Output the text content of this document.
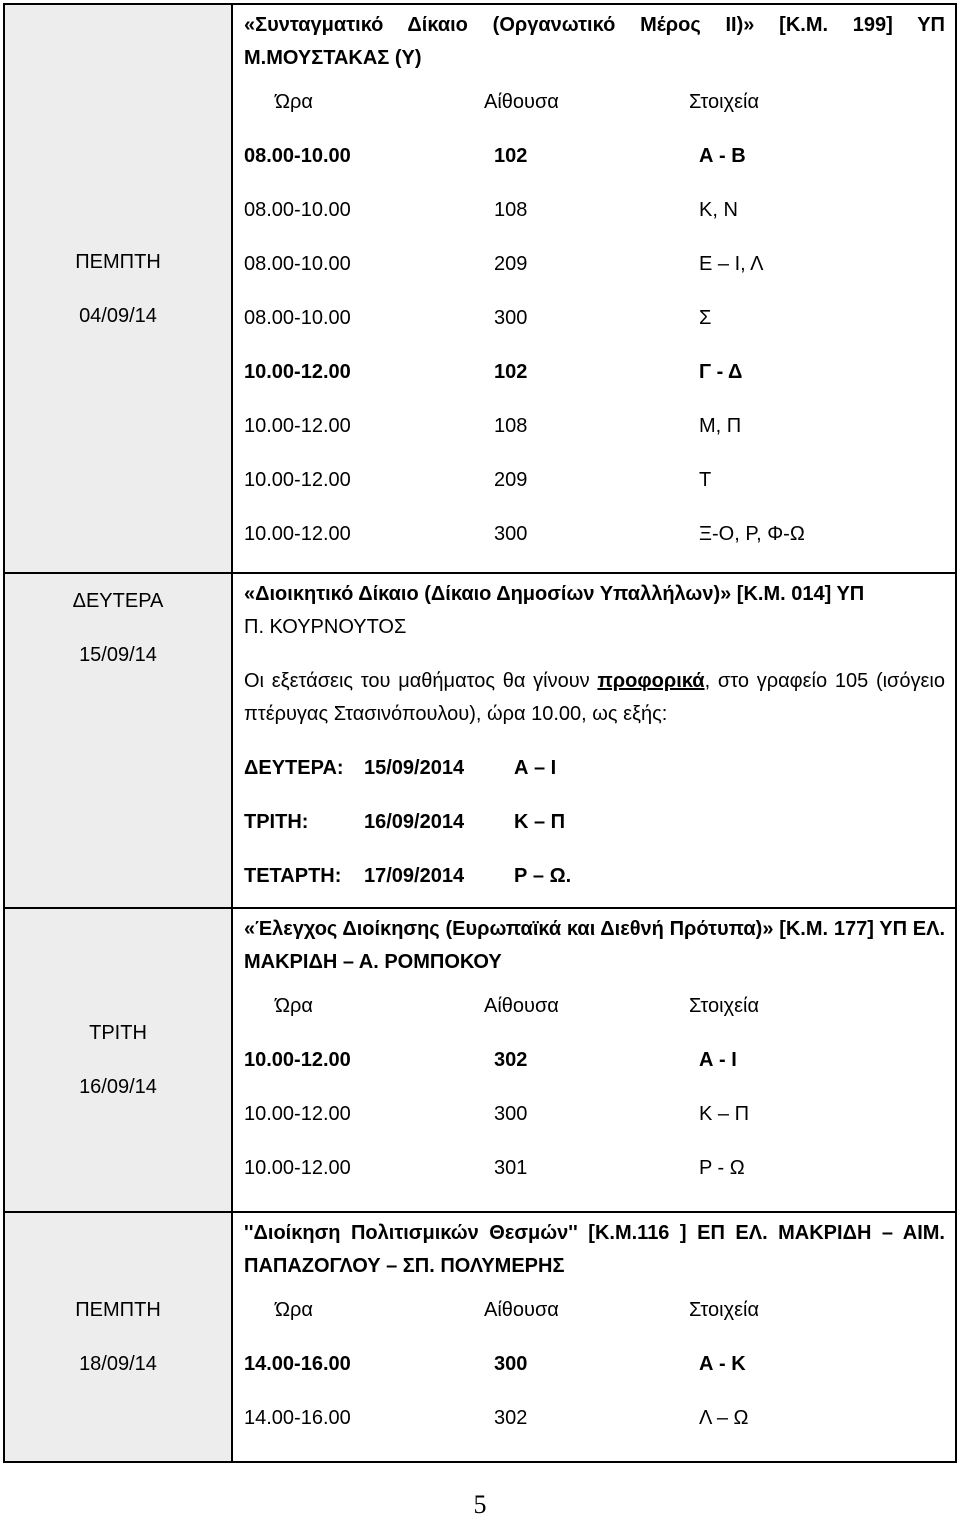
ΠΕΜΠΤΗ
04/09/14
«Συνταγματικό Δίκαιο (Οργανωτικό Μέρος ΙΙ)» [Κ.Μ. 199] ΥΠ Μ.ΜΟΥΣΤΑΚΑΣ (Υ)
Ώρα	Αίθουσα	Στοιχεία
08.00-10.00	102	Α - Β
08.00-10.00	108	Κ, Ν
08.00-10.00	209	Ε – Ι, Λ
08.00-10.00	300	Σ
10.00-12.00	102	Γ - Δ
10.00-12.00	108	Μ, Π
10.00-12.00	209	Τ
10.00-12.00	300	Ξ-Ο, Ρ, Φ-Ω
ΔΕΥΤΕΡΑ
15/09/14
«Διοικητικό Δίκαιο (Δίκαιο Δημοσίων Υπαλλήλων)» [Κ.Μ. 014] ΥΠ
Π. ΚΟΥΡΝΟΥΤΟΣ
Οι εξετάσεις του μαθήματος θα γίνουν προφορικά, στο γραφείο 105 (ισόγειο πτέρυγας Στασινόπουλου), ώρα 10.00, ως εξής:
ΔΕΥΤΕΡΑ:	15/09/2014	Α – Ι
ΤΡΙΤΗ:	16/09/2014	Κ – Π
ΤΕΤΑΡΤΗ:	17/09/2014	Ρ – Ω.
ΤΡΙΤΗ
16/09/14
«Έλεγχος Διοίκησης (Ευρωπαϊκά και Διεθνή Πρότυπα)» [Κ.Μ. 177] ΥΠ ΕΛ. ΜΑΚΡΙΔΗ – Α. ΡΟΜΠΟΚΟΥ
Ώρα	Αίθουσα	Στοιχεία
10.00-12.00	302	Α - Ι
10.00-12.00	300	Κ – Π
10.00-12.00	301	Ρ - Ω
ΠΕΜΠΤΗ
18/09/14
''Διοίκηση Πολιτισμικών Θεσμών'' [Κ.Μ.116 ] ΕΠ ΕΛ. ΜΑΚΡΙΔΗ – ΑΙΜ. ΠΑΠΑΖΟΓΛΟΥ – ΣΠ. ΠΟΛΥΜΕΡΗΣ
Ώρα	Αίθουσα	Στοιχεία
14.00-16.00	300	Α - Κ
14.00-16.00	302	Λ – Ω
5
